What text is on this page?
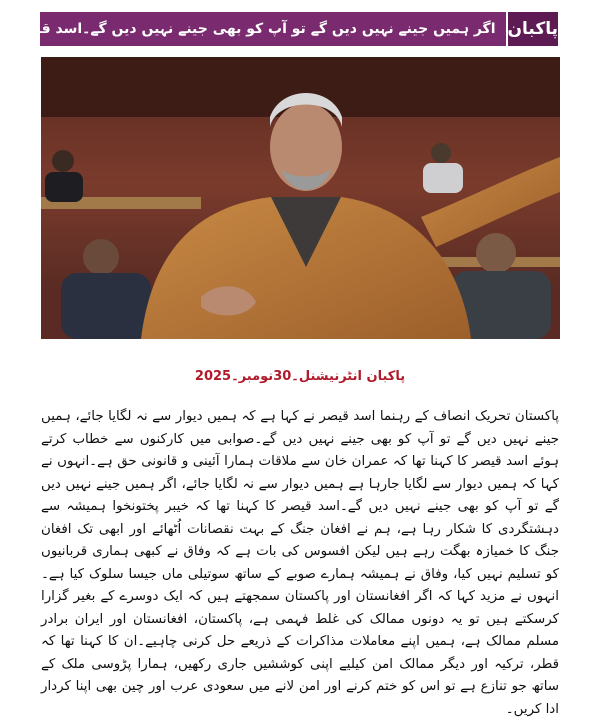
پاکبان
اگر ہمیں جینے نہیں دیں گے تو آپ کو بھی جینے نہیں دیں گے۔اسد قیصر
پاکبان انٹرنیشنل۔30نومبر۔2025
پاکستان تحریک انصاف کے رہنما اسد قیصر نے کہا ہے کہ ہمیں دیوار سے نہ لگایا جائے، ہمیں جینے نہیں دیں گے تو آپ کو بھی جینے نہیں دیں گے۔صوابی میں کارکنوں سے خطاب کرتے ہوئے اسد قیصر کا کہنا تھا کہ عمران خان سے ملاقات ہمارا آئینی و قانونی حق ہے۔انہوں نے کہا کہ ہمیں دیوار سے لگایا جارہا ہے ہمیں دیوار سے نہ لگایا جائے، اگر ہمیں جینے نہیں دیں گے تو آپ کو بھی جینے نہیں دیں گے۔اسد قیصر کا کہنا تھا کہ خیبر پختونخوا ہمیشہ سے دہشتگردی کا شکار رہا ہے، ہم نے افغان جنگ کے بہت نقصانات اُٹھائے اور ابھی تک افغان جنگ کا خمیازہ بھگت رہے ہیں لیکن افسوس کی بات ہے کہ وفاق نے کبھی ہماری قربانیوں کو تسلیم نہیں کیا، وفاق نے ہمیشہ ہمارے صوبے کے ساتھ سوتیلی ماں جیسا سلوک کیا ہے۔انہوں نے مزید کہا کہ اگر افغانستان اور پاکستان سمجھتے ہیں کہ ایک دوسرے کے بغیر گزارا کرسکتے ہیں تو یہ دونوں ممالک کی غلط فہمی ہے، پاکستان، افغانستان اور ایران برادر مسلم ممالک ہے، ہمیں اپنے معاملات مذاکرات کے ذریعے حل کرنی چاہیے۔ان کا کہنا تھا کہ قطر، ترکیہ اور دیگر ممالک امن کیلیے اپنی کوششیں جاری رکھیں، ہمارا پڑوسی ملک کے ساتھ جو تنازع ہے تو اس کو ختم کرنے اور امن لانے میں سعودی عرب اور چین بھی اپنا کردار ادا کریں۔
